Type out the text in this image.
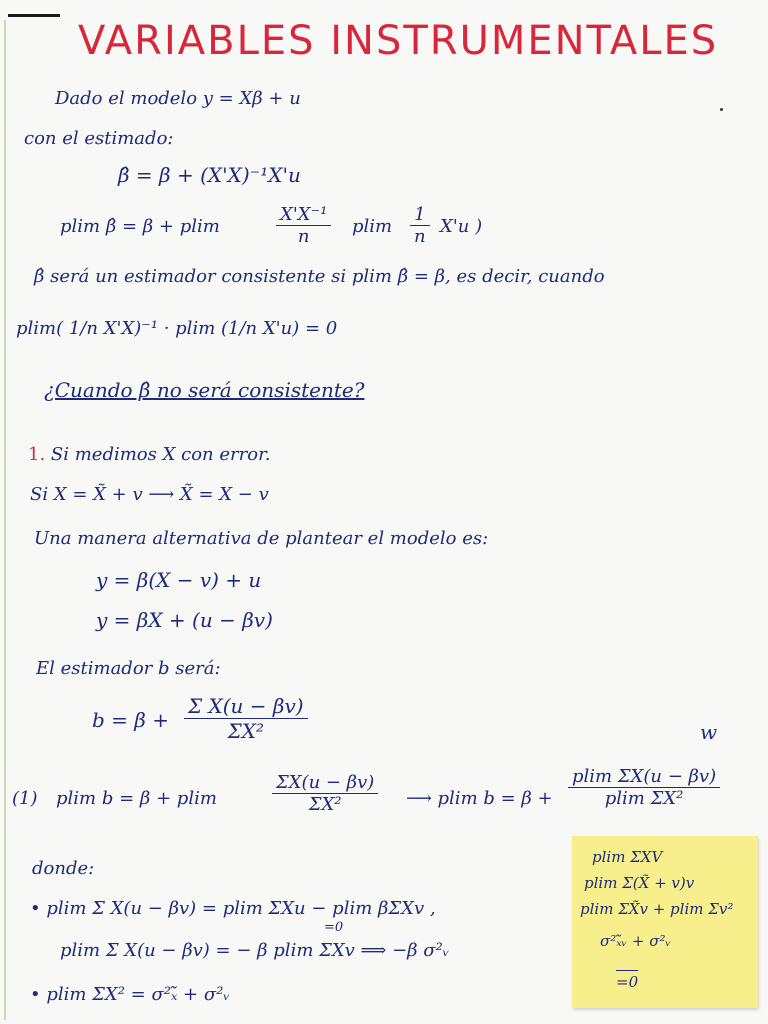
VARIABLES INSTRUMENTALES
Dado el modelo y = Xβ + u
con el estimado:
β̂ = β + (X'X)⁻¹X'u
plim β̂ = β + plim	$\frac{\text{X'X⁻¹}}{n}$ plim $\frac{1}{n} X'u$ )
β̂ será un estimador consistente si plim β̂ = β, es decir, cuando
plim( 1/n X'X)⁻¹ · plim (1/n X'u) = 0
¿Cuando β̂ no será consistente?
1. Si medimos X con error.
Si X = X̃ + v ⟶ X̃ = X − v
Una manera alternativa de plantear el modelo es:
y = β(X − v) + u
y = βX + (u − βv)
El estimador b será:
$b = \beta + \frac{\text{Σ X(u − βv)}}{\text{ΣX²}}$	w
(1) plim b = β + plim	$\frac{\Sigma X(u - \beta v)}{\text{ΣX²}}$ ⟶ plim $b = \beta + \frac{\text{plim ΣX(u − βv)}}{\text{plim ΣX²}}$
donde:
• plim Σ X(u − βv) = plim ΣXu − plim βΣXv ,
=0
plim Σ X(u − βv) = − β plim ΣXv ⟹ −β σ²ᵥ
• plim ΣX² = σ²ₓ̃ + σ²ᵥ
plim ΣXV
plim Σ(X̃ + v)v
plim ΣX̃v + plim Σv²
σ²ₓ̃ᵥ + σ²ᵥ
=0
